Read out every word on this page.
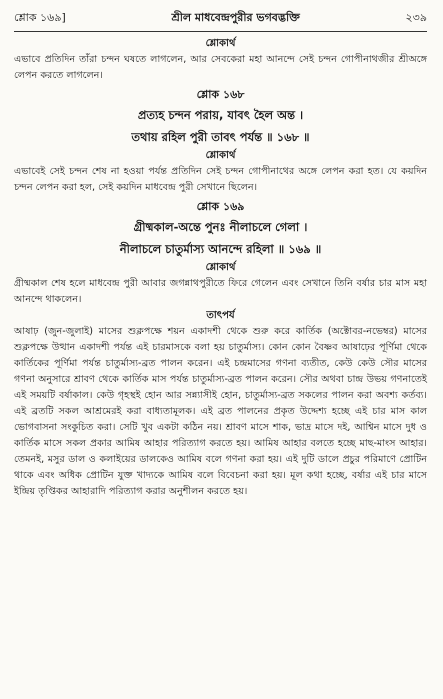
শ্লোক ১৬৯]	শ্রীল মাধবেন্দ্রপুরীর ভগবদ্ভক্তি	২৩৯
শ্লোকার্থ

এভাবে প্রতিদিন তাঁরা চন্দন ঘষতে লাগলেন, আর সেবকেরা মহা আনন্দে সেই চন্দন গোপীনাথজীর শ্রীঅঙ্গে লেপন করতে লাগলেন।

শ্লোক ১৬৮
প্রত্যহ চন্দন পরায়, যাবৎ হৈল অন্ত ।
তথায় রহিল পুরী তাবৎ পর্যন্ত ॥ ১৬৮ ॥
শ্লোকার্থ

এভাবেই সেই চন্দন শেষ না হওয়া পর্যন্ত প্রতিদিন সেই চন্দন গোপীনাথের অঙ্গে লেপন করা হত। যে কয়দিন চন্দন লেপন করা হল, সেই কয়দিন মাধবেন্দ্র পুরী সেখানে ছিলেন।

শ্লোক ১৬৯
গ্রীষ্মকাল-অন্তে পুনঃ নীলাচলে গেলা ।
নীলাচলে চাতুর্মাস্য আনন্দে রহিলা ॥ ১৬৯ ॥
শ্লোকার্থ

গ্রীষ্মকাল শেষ হলে মাধবেন্দ্র পুরী আবার জগন্নাথপুরীতে ফিরে গেলেন এবং সেখানে তিনি বর্ষার চার মাস মহা আনন্দে থাকলেন।

তাৎপর্য

আষাঢ় (জুন-জুলাই) মাসের শুক্লপক্ষে শয়ন একাদশী থেকে শুরু করে কার্তিক (অক্টোবর-নভেম্বর) মাসের শুক্লপক্ষে উত্থান একাদশী পর্যন্ত এই চারমাসকে বলা হয় চাতুর্মাস্য। কোন কোন বৈষ্ণব আষাঢ়ের পূর্ণিমা থেকে কার্তিকের পূর্ণিমা পর্যন্ত চাতুর্মাস্য-ব্রত পালন করেন। এই চন্দ্রমাসের গণনা ব্যতীত, কেউ কেউ সৌর মাসের গণনা অনুসারে শ্রাবণ থেকে কার্তিক মাস পর্যন্ত চাতুর্মাস্য-ব্রত পালন করেন। সৌর অথবা চান্দ্র উভয় গণনাতেই এই সময়টি বর্ষাকাল। কেউ গৃহস্থই হোন আর সন্ন্যাসীই হোন, চাতুর্মাস্য-ব্রত সকলের পালন করা অবশ্য কর্তব্য। এই ব্রতটি সকল আশ্রমেরই করা বাধ্যতামূলক। এই ব্রত পালনের প্রকৃত উদ্দেশ্য হচ্ছে এই চার মাস কাল ভোগবাসনা সংকুচিত করা। সেটি খুব একটা কঠিন নয়। শ্রাবণ মাসে শাক, ভাদ্র মাসে দই, আশ্বিন মাসে দুধ ও কার্তিক মাসে সকল প্রকার আমিষ আহার পরিত্যাগ করতে হয়। আমিষ আহার বলতে হচ্ছে মাছ-মাংস আহার। তেমনই, মসুর ডাল ও কলাইয়ের ডালকেও আমিষ বলে গণনা করা হয়। এই দুটি ডালে প্রচুর পরিমাণে প্রোটিন থাকে এবং অধিক প্রোটিন যুক্ত খাদ্যকে আমিষ বলে বিবেচনা করা হয়। মূল কথা হচ্ছে, বর্ষার এই চার মাসে ইন্দ্রিয় তৃপ্তিকর আহারাদি পরিত্যাগ করার অনুশীলন করতে হয়।
